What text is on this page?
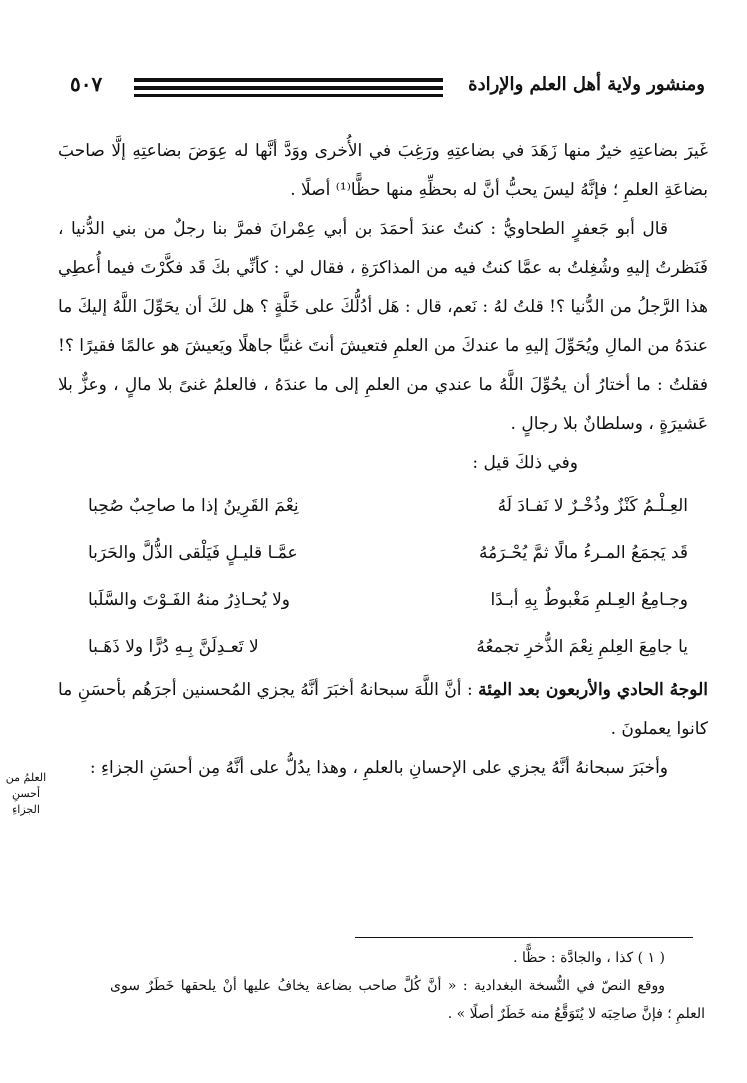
ومنشور ولاية أهل العلم والإرادة
٥٠٧

غَيرَ بضاعتِهِ خيرٌ منها زَهَدَ في بضاعتِهِ ورَغِبَ في الأُخرى ووَدَّ أنَّها له عِوَضَ بضاعتِهِ إلَّا صاحبَ بضاعَةِ العلمِ ؛ فإنَّهُ ليسَ يحبُّ أنَّ له بحظِّهِ منها حظًّا⁽¹⁾ أصلًا .

قال أبو جَعفرٍ الطحاويُّ : كنتُ عندَ أحمَدَ بن أبي عِمْرانَ فمرَّ بنا رجلٌ من بني الدُّنيا ، فَنَظرتُ إليهِ وشُغِلتُ به عمَّا كنتُ فيه من المذاكرَةِ ، فقال لي : كأنِّي بكَ قَد فكَّرْتَ فيما أُعطِي هذا الرَّجلُ من الدُّنيا ؟! قلتُ لهُ : نَعم، قال : هَل أدُلُّكَ على خَلَّةٍ ؟ هل لكَ أن يحَوِّلَ اللَّهُ إليكَ ما عندَهُ من المالِ ويُحَوِّلَ إليهِ ما عندكَ من العلمِ فتعيشَ أنتَ غنيًّا جاهلًا ويَعيشَ هو عالمًا فقيرًا ؟! فقلتُ : ما أختارُ أن يحُوِّلَ اللَّهُ ما عندي من العلمِ إلى ما عندَهُ ، فالعلمُ غنىً بلا مالٍ ، وعزٌّ بلا عَشيرَةٍ ، وسلطانٌ بلا رجالٍ .

وفي ذلكَ قيل :

العِـلْـمُ كَنْزٌ وذُخْـرٌ لا نَفـادَ لَهُ
نِعْمَ القَرِينُ إذا ما صاحِبٌ صُحِبا
قَد يَجمَعُ المـرءُ مالًا ثمَّ يُحْـرَمُهُ
عمَّـا قليـلٍ فَيَلْقى الذُّلَّ والحَرَبا
وجـامِعُ العِـلمِ مَغْبوطٌ بِهِ أبـدًا
ولا يُحـاذِرُ منهُ الفَـوْتَ والسَّلَبا
يا جامِعَ العِلمِ نِعْمَ الذُّخرِ تجمعُهُ
لا تَعـدِلَنَّ بِـهِ دُرًّا ولا ذَهَـبا

الوجهُ الحادي والأربعون بعد المِئة : أنَّ اللَّهَ سبحانهُ أخبَرَ أنَّهُ يجزي المُحسنين أجرَهُم بأحسَنِ ما كانوا يعملونَ .

وأخبَرَ سبحانهُ أنَّهُ يجزي على الإحسانِ بالعلمِ ، وهذا يدُلُّ على أنَّهُ مِن أحسَنِ الجزاءِ :

العلمُ من أحسنِ الجزاءِ

( ١ ) كذا ، والجادَّة : حظًّا .

ووقع النصّ في النُّسخة البغدادية : « أنَّ كُلَّ صاحب بضاعة يخافُ عليها أنْ يلحقها خَطَرٌ سوى العلمِ ؛ فإنَّ صاحِبَه لا يُتَوَقَّعُ منه خَطَرٌ أصلًا » .
